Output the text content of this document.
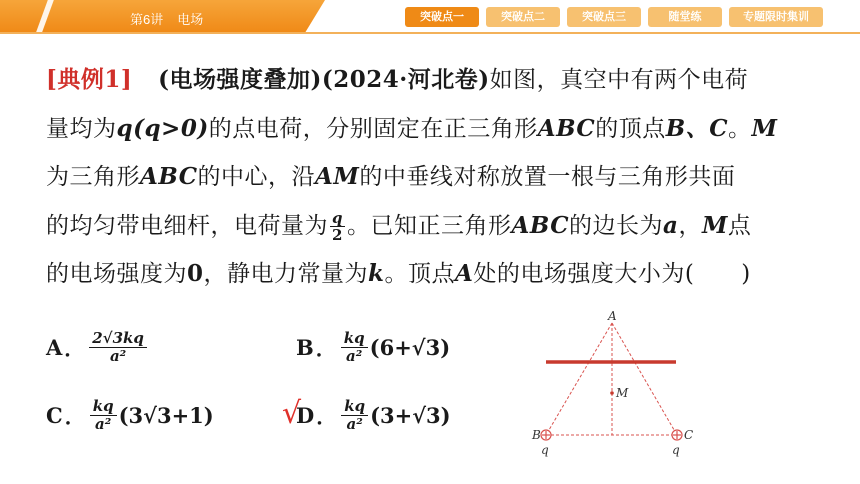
第6讲 电场	突破点一	突破点二	突破点三	随堂练	专题限时集训
[典例1] (电场强度叠加)(2024·河北卷)如图，真空中有两个电荷
量均为q(q>0)的点电荷，分别固定在正三角形ABC的顶点B、C。M
为三角形ABC的中心，沿AM的中垂线对称放置一根与三角形共面
的均匀带电细杆，电荷量为 $\frac{q}{2}$ 。已知正三角形ABC的边长为a，M点
的电场强度为0，静电力常量为k。顶点A处的电场强度大小为(　　)
A ． $\frac{2√3kq}{\text{a²}}$	B ． $\frac{kq}{\text{a²}} (6+√3)$
C ． $\frac{kq}{\text{a²}} (3√3+1)$	D ． $\frac{kq}{\text{a²}} (3+√3)$
√
A
B	C
M
q	q
